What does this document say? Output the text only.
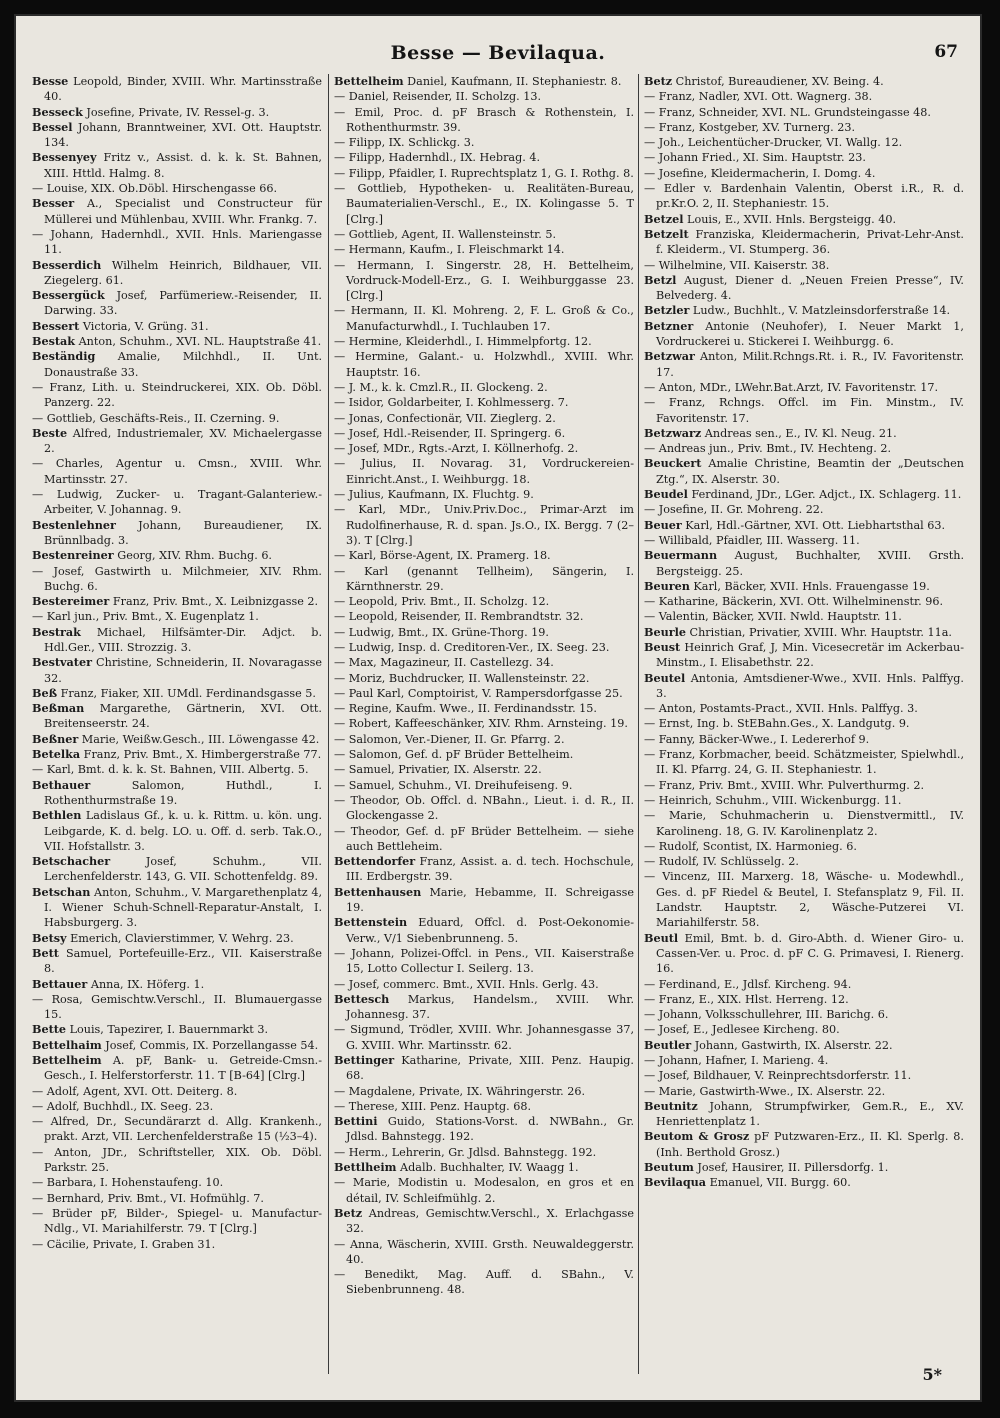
Besse — Bevilaqua.	67
Besse Leopold, Binder, XVIII. Whr. Martinsstraße 40.
Besseck Josefine, Private, IV. Ressel-g. 3.
Bessel Johann, Branntweiner, XVI. Ott. Hauptstr. 134.
Bessenyey Fritz v., Assist. d. k. k. St. Bahnen, XIII. Httld. Halmg. 8.
— Louise, XIX. Ob.Döbl. Hirschengasse 66.
Besser A., Specialist und Constructeur für Müllerei und Mühlenbau, XVIII. Whr. Frankg. 7.
— Johann, Hadernhdl., XVII. Hnls. Mariengasse 11.
Besserdich Wilhelm Heinrich, Bildhauer, VII. Ziegelerg. 61.
Bessergück Josef, Parfümeriew.-Reisender, II. Darwing. 33.
Bessert Victoria, V. Grüng. 31.
Bestak Anton, Schuhm., XVI. NL. Hauptstraße 41.
Beständig Amalie, Milchhdl., II. Unt. Donaustraße 33.
— Franz, Lith. u. Steindruckerei, XIX. Ob. Döbl. Panzerg. 22.
— Gottlieb, Geschäfts-Reis., II. Czerning. 9.
Beste Alfred, Industriemaler, XV. Michaelergasse 2.
— Charles, Agentur u. Cmsn., XVIII. Whr. Martinsstr. 27.
— Ludwig, Zucker- u. Tragant-Galanteriew.-Arbeiter, V. Johannag. 9.
Bestenlehner Johann, Bureaudiener, IX. Brünnlbadg. 3.
Bestenreiner Georg, XIV. Rhm. Buchg. 6.
— Josef, Gastwirth u. Milchmeier, XIV. Rhm. Buchg. 6.
Bestereimer Franz, Priv. Bmt., X. Leibnizgasse 2.
— Karl jun., Priv. Bmt., X. Eugenplatz 1.
Bestrak Michael, Hilfsämter-Dir. Adjct. b. Hdl.Ger., VIII. Strozzig. 3.
Bestvater Christine, Schneiderin, II. Novaragasse 32.
Beß Franz, Fiaker, XII. UMdl. Ferdinandsgasse 5.
Beßman Margarethe, Gärtnerin, XVI. Ott. Breitenseerstr. 24.
Beßner Marie, Weißw.Gesch., III. Löwengasse 42.
Betelka Franz, Priv. Bmt., X. Himbergerstraße 77.
— Karl, Bmt. d. k. k. St. Bahnen, VIII. Albertg. 5.
Bethauer Salomon, Huthdl., I. Rothenthurmstraße 19.
Bethlen Ladislaus Gf., k. u. k. Rittm. u. kön. ung. Leibgarde, K. d. belg. LO. u. Off. d. serb. Tak.O., VII. Hofstallstr. 3.
Betschacher Josef, Schuhm., VII. Lerchenfelderstr. 143, G. VII. Schottenfeldg. 89.
Betschan Anton, Schuhm., V. Margarethenplatz 4, I. Wiener Schuh-Schnell-Reparatur-Anstalt, I. Habsburgerg. 3.
Betsy Emerich, Clavierstimmer, V. Wehrg. 23.
Bett Samuel, Portefeuille-Erz., VII. Kaiserstraße 8.
Bettauer Anna, IX. Höferg. 1.
— Rosa, Gemischtw.Verschl., II. Blumauergasse 15.
Bette Louis, Tapezirer, I. Bauernmarkt 3.
Bettelhaim Josef, Commis, IX. Porzellangasse 54.
Bettelheim A. pF, Bank- u. Getreide-Cmsn.-Gesch., I. Helferstorferstr. 11. T [B-64] [Clrg.]
— Adolf, Agent, XVI. Ott. Deiterg. 8.
— Adolf, Buchhdl., IX. Seeg. 23.
— Alfred, Dr., Secundärarzt d. Allg. Krankenh., prakt. Arzt, VII. Lerchenfelderstraße 15 (½3–4).
— Anton, JDr., Schriftsteller, XIX. Ob. Döbl. Parkstr. 25.
— Barbara, I. Hohenstaufeng. 10.
— Bernhard, Priv. Bmt., VI. Hofmühlg. 7.
— Brüder pF, Bilder-, Spiegel- u. Manufactur-Ndlg., VI. Mariahilferstr. 79. T [Clrg.]
— Cäcilie, Private, I. Graben 31.
Bettelheim Daniel, Kaufmann, II. Stephaniestr. 8.
— Daniel, Reisender, II. Scholzg. 13.
— Emil, Proc. d. pF Brasch & Rothenstein, I. Rothenthurmstr. 39.
— Filipp, IX. Schlickg. 3.
— Filipp, Hadernhdl., IX. Hebrag. 4.
— Filipp, Pfaidler, I. Ruprechtsplatz 1, G. I. Rothg. 8.
— Gottlieb, Hypotheken- u. Realitäten-Bureau, Baumaterialien-Verschl., E., IX. Kolingasse 5. T [Clrg.]
— Gottlieb, Agent, II. Wallensteinstr. 5.
— Hermann, Kaufm., I. Fleischmarkt 14.
— Hermann, I. Singerstr. 28, H. Bettelheim, Vordruck-Modell-Erz., G. I. Weihburggasse 23. [Clrg.]
— Hermann, II. Kl. Mohreng. 2, F. L. Groß & Co., Manufacturwhdl., I. Tuchlauben 17.
— Hermine, Kleiderhdl., I. Himmelpfortg. 12.
— Hermine, Galant.- u. Holzwhdl., XVIII. Whr. Hauptstr. 16.
— J. M., k. k. Cmzl.R., II. Glockeng. 2.
— Isidor, Goldarbeiter, I. Kohlmesserg. 7.
— Jonas, Confectionär, VII. Zieglerg. 2.
— Josef, Hdl.-Reisender, II. Springerg. 6.
— Josef, MDr., Rgts.-Arzt, I. Köllnerhofg. 2.
— Julius, II. Novarag. 31, Vordruckereien-Einricht.Anst., I. Weihburgg. 18.
— Julius, Kaufmann, IX. Fluchtg. 9.
— Karl, MDr., Univ.Priv.Doc., Primar-Arzt im Rudolfinerhause, R. d. span. Js.O., IX. Bergg. 7 (2–3). T [Clrg.]
— Karl, Börse-Agent, IX. Pramerg. 18.
— Karl (genannt Tellheim), Sängerin, I. Kärnthnerstr. 29.
— Leopold, Priv. Bmt., II. Scholzg. 12.
— Leopold, Reisender, II. Rembrandtstr. 32.
— Ludwig, Bmt., IX. Grüne-Thorg. 19.
— Ludwig, Insp. d. Creditoren-Ver., IX. Seeg. 23.
— Max, Magazineur, II. Castellezg. 34.
— Moriz, Buchdrucker, II. Wallensteinstr. 22.
— Paul Karl, Comptoirist, V. Rampersdorfgasse 25.
— Regine, Kaufm. Wwe., II. Ferdinandsstr. 15.
— Robert, Kaffeeschänker, XIV. Rhm. Arnsteing. 19.
— Salomon, Ver.-Diener, II. Gr. Pfarrg. 2.
— Salomon, Gef. d. pF Brüder Bettelheim.
— Samuel, Privatier, IX. Alserstr. 22.
— Samuel, Schuhm., VI. Dreihufeiseng. 9.
— Theodor, Ob. Offcl. d. NBahn., Lieut. i. d. R., II. Glockengasse 2.
— Theodor, Gef. d. pF Brüder Bettelheim. — siehe auch Bettleheim.
Bettendorfer Franz, Assist. a. d. tech. Hochschule, III. Erdbergstr. 39.
Bettenhausen Marie, Hebamme, II. Schreigasse 19.
Bettenstein Eduard, Offcl. d. Post-Oekonomie-Verw., V/1 Siebenbrunneng. 5.
— Johann, Polizei-Offcl. in Pens., VII. Kaiserstraße 15, Lotto Collectur I. Seilerg. 13.
— Josef, commerc. Bmt., XVII. Hnls. Gerlg. 43.
Bettesch Markus, Handelsm., XVIII. Whr. Johannesg. 37.
— Sigmund, Trödler, XVIII. Whr. Johannesgasse 37, G. XVIII. Whr. Martinsstr. 62.
Bettinger Katharine, Private, XIII. Penz. Haupig. 68.
— Magdalene, Private, IX. Währingerstr. 26.
— Therese, XIII. Penz. Hauptg. 68.
Bettini Guido, Stations-Vorst. d. NWBahn., Gr. Jdlsd. Bahnstegg. 192.
— Herm., Lehrerin, Gr. Jdlsd. Bahnstegg. 192.
Bettlheim Adalb. Buchhalter, IV. Waagg 1.
— Marie, Modistin u. Modesalon, en gros et en détail, IV. Schleifmühlg. 2.
Betz Andreas, Gemischtw.Verschl., X. Erlachgasse 32.
— Anna, Wäscherin, XVIII. Grsth. Neuwaldeggerstr. 40.
— Benedikt, Mag. Auff. d. SBahn., V. Siebenbrunneng. 48.
Betz Christof, Bureaudiener, XV. Being. 4.
— Franz, Nadler, XVI. Ott. Wagnerg. 38.
— Franz, Schneider, XVI. NL. Grundsteingasse 48.
— Franz, Kostgeber, XV. Turnerg. 23.
— Joh., Leichentücher-Drucker, VI. Wallg. 12.
— Johann Fried., XI. Sim. Hauptstr. 23.
— Josefine, Kleidermacherin, I. Domg. 4.
— Edler v. Bardenhain Valentin, Oberst i.R., R. d. pr.Kr.O. 2, II. Stephaniestr. 15.
Betzel Louis, E., XVII. Hnls. Bergsteigg. 40.
Betzelt Franziska, Kleidermacherin, Privat-Lehr-Anst. f. Kleiderm., VI. Stumperg. 36.
— Wilhelmine, VII. Kaiserstr. 38.
Betzl August, Diener d. „Neuen Freien Presse“, IV. Belvederg. 4.
Betzler Ludw., Buchhlt., V. Matzleinsdorferstraße 14.
Betzner Antonie (Neuhofer), I. Neuer Markt 1, Vordruckerei u. Stickerei I. Weihburgg. 6.
Betzwar Anton, Milit.Rchngs.Rt. i. R., IV. Favoritenstr. 17.
— Anton, MDr., LWehr.Bat.Arzt, IV. Favoritenstr. 17.
— Franz, Rchngs. Offcl. im Fin. Minstm., IV. Favoritenstr. 17.
Betzwarz Andreas sen., E., IV. Kl. Neug. 21.
— Andreas jun., Priv. Bmt., IV. Hechteng. 2.
Beuckert Amalie Christine, Beamtin der „Deutschen Ztg.“, IX. Alserstr. 30.
Beudel Ferdinand, JDr., LGer. Adjct., IX. Schlagerg. 11.
— Josefine, II. Gr. Mohreng. 22.
Beuer Karl, Hdl.-Gärtner, XVI. Ott. Liebhartsthal 63.
— Willibald, Pfaidler, III. Wasserg. 11.
Beuermann August, Buchhalter, XVIII. Grsth. Bergsteigg. 25.
Beuren Karl, Bäcker, XVII. Hnls. Frauengasse 19.
— Katharine, Bäckerin, XVI. Ott. Wilhelminenstr. 96.
— Valentin, Bäcker, XVII. Nwld. Hauptstr. 11.
Beurle Christian, Privatier, XVIII. Whr. Hauptstr. 11a.
Beust Heinrich Graf, J, Min. Vicesecretär im Ackerbau-Minstm., I. Elisabethstr. 22.
Beutel Antonia, Amtsdiener-Wwe., XVII. Hnls. Palffyg. 3.
— Anton, Postamts-Pract., XVII. Hnls. Palffyg. 3.
— Ernst, Ing. b. StEBahn.Ges., X. Landgutg. 9.
— Fanny, Bäcker-Wwe., I. Ledererhof 9.
— Franz, Korbmacher, beeid. Schätzmeister, Spielwhdl., II. Kl. Pfarrg. 24, G. II. Stephaniestr. 1.
— Franz, Priv. Bmt., XVIII. Whr. Pulverthurmg. 2.
— Heinrich, Schuhm., VIII. Wickenburgg. 11.
— Marie, Schuhmacherin u. Dienstvermittl., IV. Karolineng. 18, G. IV. Karolinenplatz 2.
— Rudolf, Scontist, IX. Harmonieg. 6.
— Rudolf, IV. Schlüsselg. 2.
— Vincenz, III. Marxerg. 18, Wäsche- u. Modewhdl., Ges. d. pF Riedel & Beutel, I. Stefansplatz 9, Fil. II. Landstr. Hauptstr. 2, Wäsche-Putzerei VI. Mariahilferstr. 58.
Beutl Emil, Bmt. b. d. Giro-Abth. d. Wiener Giro- u. Cassen-Ver. u. Proc. d. pF C. G. Primavesi, I. Rienerg. 16.
— Ferdinand, E., Jdlsf. Kircheng. 94.
— Franz, E., XIX. Hlst. Herreng. 12.
— Johann, Volksschullehrer, III. Barichg. 6.
— Josef, E., Jedlesee Kircheng. 80.
Beutler Johann, Gastwirth, IX. Alserstr. 22.
— Johann, Hafner, I. Marieng. 4.
— Josef, Bildhauer, V. Reinprechtsdorferstr. 11.
— Marie, Gastwirth-Wwe., IX. Alserstr. 22.
Beutnitz Johann, Strumpfwirker, Gem.R., E., XV. Henriettenplatz 1.
Beutom & Grosz pF Putzwaren-Erz., II. Kl. Sperlg. 8. (Inh. Berthold Grosz.)
Beutum Josef, Hausirer, II. Pillersdorfg. 1.
Bevilaqua Emanuel, VII. Burgg. 60.
5*
